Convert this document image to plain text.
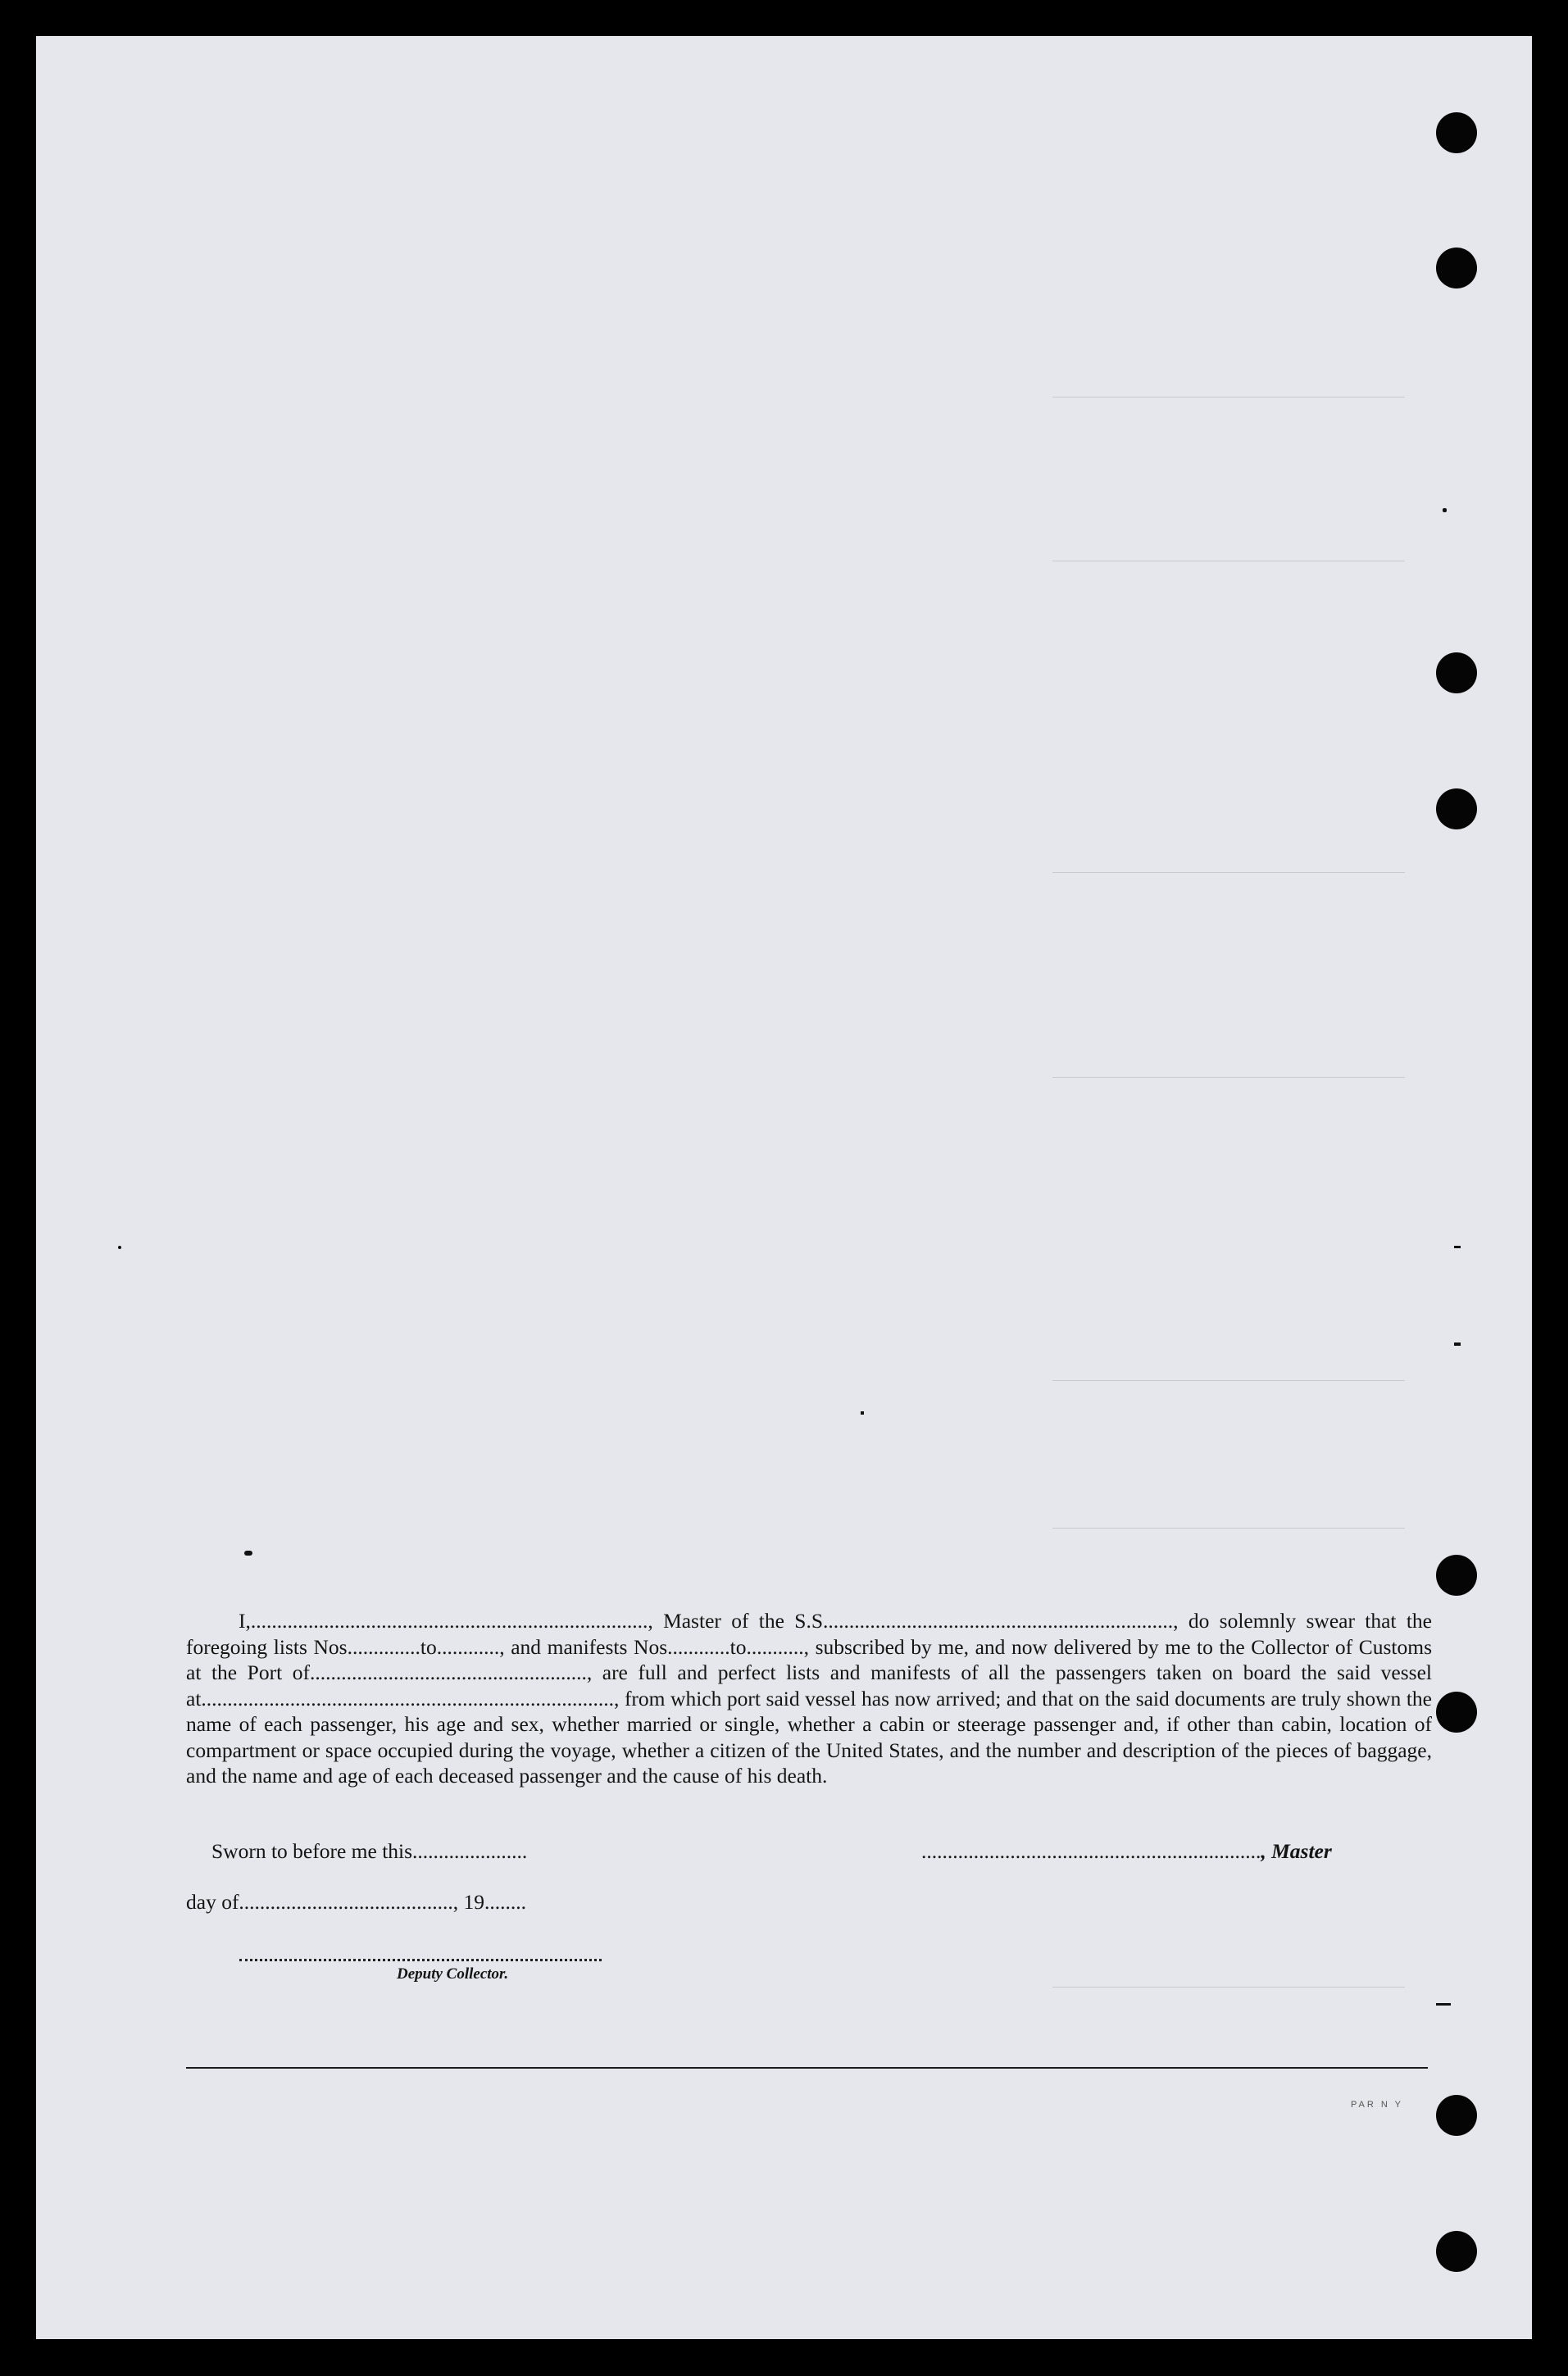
I,............................................................................, Master of the S.S..................................................................., do solemnly swear that the foregoing lists Nos..............to............, and manifests Nos............to..........., subscribed by me, and now delivered by me to the Collector of Customs at the Port of....................................................., are full and perfect lists and manifests of all the passengers taken on board the said vessel at..............................................................................., from which port said vessel has now arrived; and that on the said documents are truly shown the name of each passenger, his age and sex, whether married or single, whether a cabin or steerage passenger and, if other than cabin, location of compartment or space occupied during the voyage, whether a citizen of the United States, and the number and description of the pieces of baggage, and the name and age of each deceased passenger and the cause of his death.

Sworn to before me this......................	................................................................., Master
day of........................................., 19........
Deputy Collector.
PAR N Y
